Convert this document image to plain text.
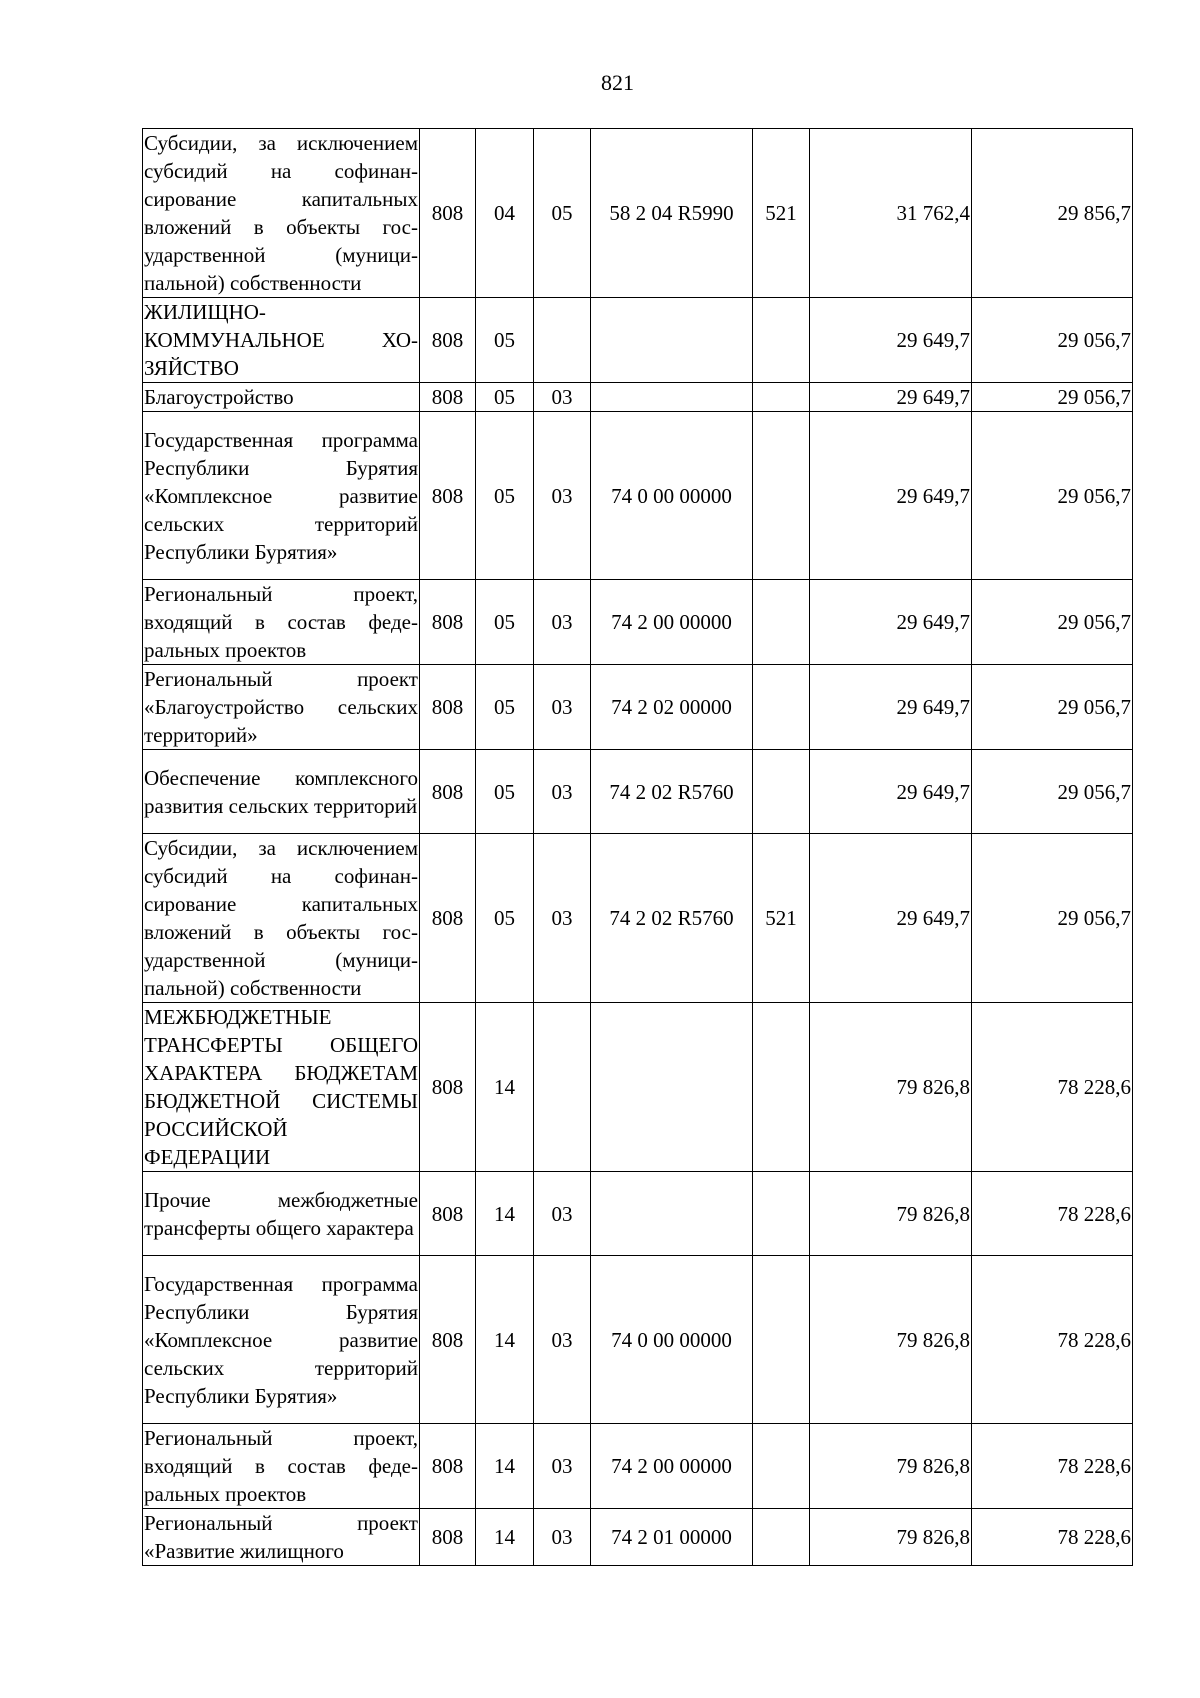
821
Субсидии, за исключением субсидий на софинансирование капитальных вложений в объекты государственной (муниципальной) собственности	808	04	05	58 2 04 R5990	521	31 762,4	29 856,7
ЖИЛИЩНО-КОММУНАЛЬНОЕ ХОЗЯЙСТВО	808	05				29 649,7	29 056,7
Благоустройство	808	05	03			29 649,7	29 056,7
Государственная программа Республики Бурятия «Комплексное развитие сельских территорий Республики Бурятия»	808	05	03	74 0 00 00000		29 649,7	29 056,7
Региональный проект, входящий в состав федеральных проектов	808	05	03	74 2 00 00000		29 649,7	29 056,7
Региональный проект «Благоустройство сельских территорий»	808	05	03	74 2 02 00000		29 649,7	29 056,7
Обеспечение комплексного развития сельских территорий	808	05	03	74 2 02 R5760		29 649,7	29 056,7
Субсидии, за исключением субсидий на софинансирование капитальных вложений в объекты государственной (муниципальной) собственности	808	05	03	74 2 02 R5760	521	29 649,7	29 056,7
МЕЖБЮДЖЕТНЫЕ ТРАНСФЕРТЫ ОБЩЕГО ХАРАКТЕРА БЮДЖЕТАМ БЮДЖЕТНОЙ СИСТЕМЫ РОССИЙСКОЙ ФЕДЕРАЦИИ	808	14				79 826,8	78 228,6
Прочие межбюджетные трансферты общего характера	808	14	03			79 826,8	78 228,6
Государственная программа Республики Бурятия «Комплексное развитие сельских территорий Республики Бурятия»	808	14	03	74 0 00 00000		79 826,8	78 228,6
Региональный проект, входящий в состав федеральных проектов	808	14	03	74 2 00 00000		79 826,8	78 228,6
Региональный проект «Развитие жилищного	808	14	03	74 2 01 00000		79 826,8	78 228,6
